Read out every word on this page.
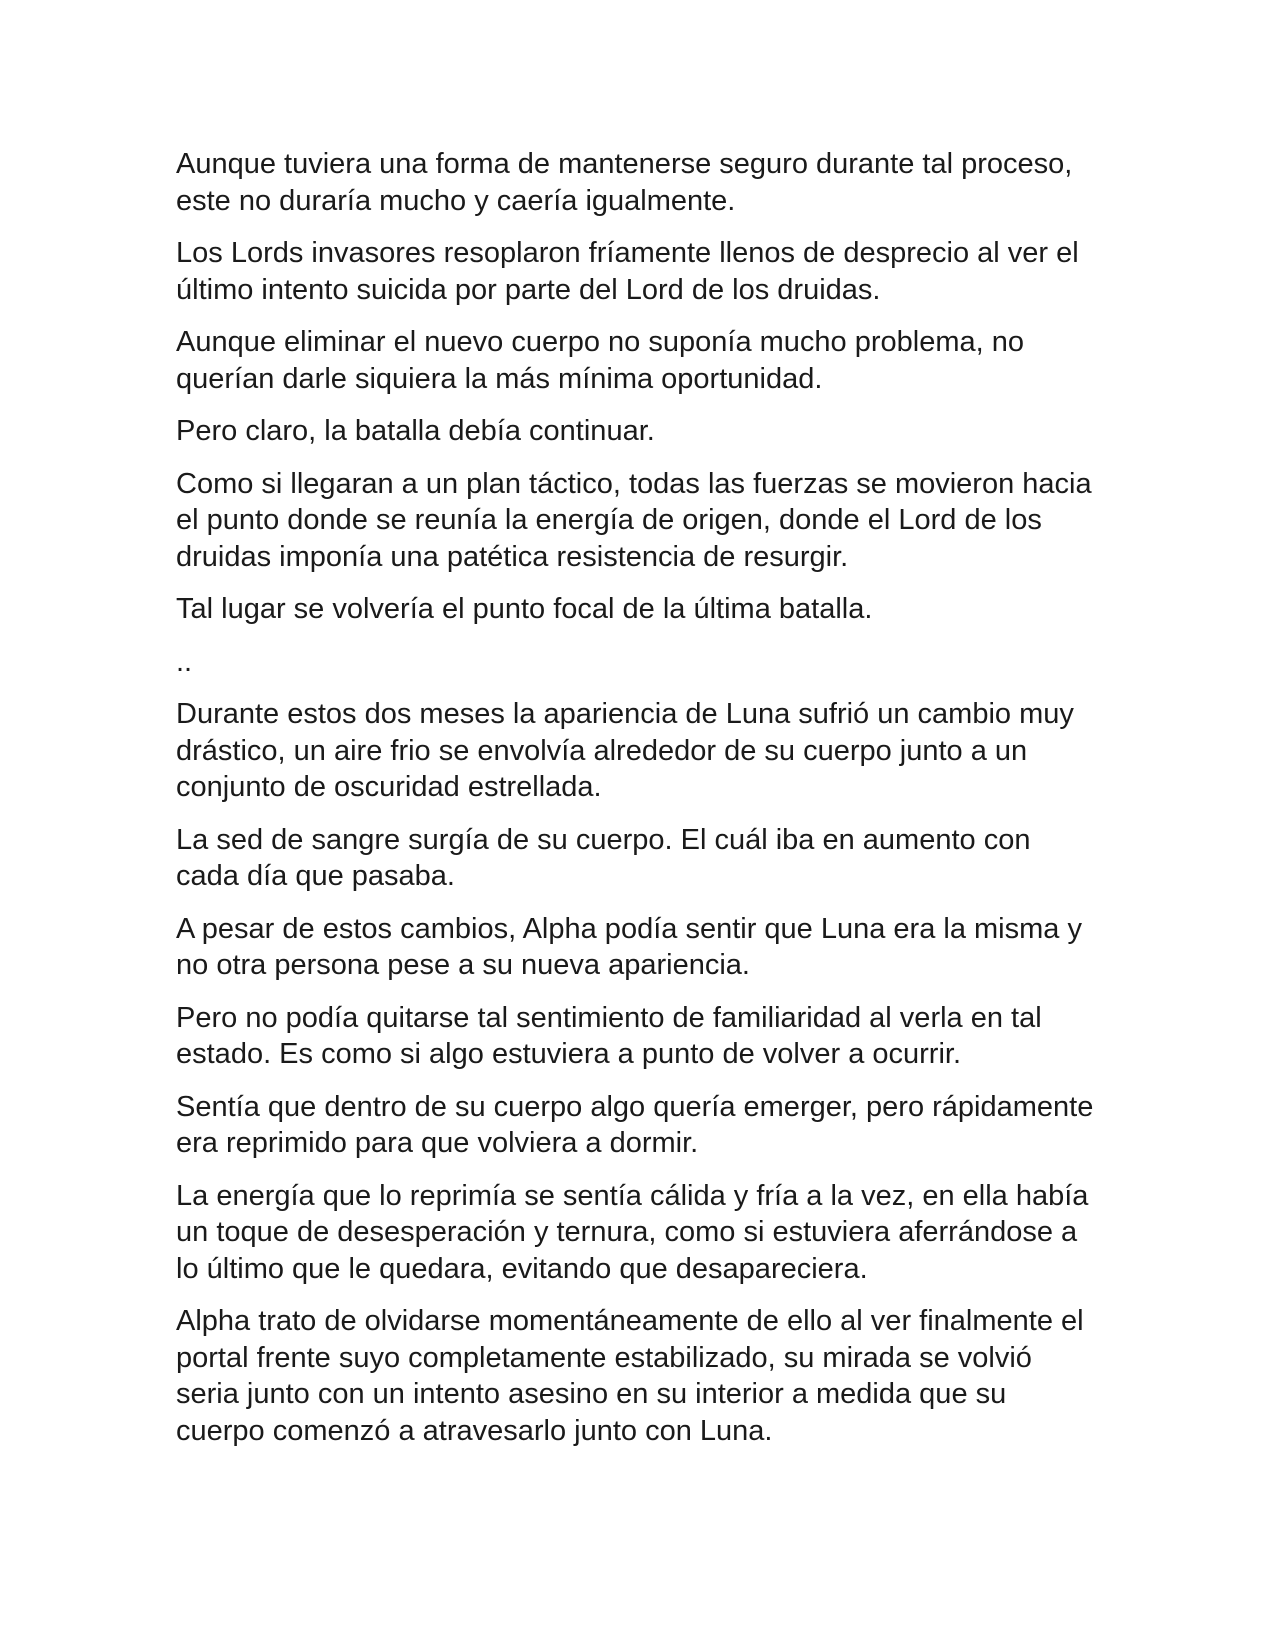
Aunque tuviera una forma de mantenerse seguro durante tal proceso, este no duraría mucho y caería igualmente.

Los Lords invasores resoplaron fríamente llenos de desprecio al ver el último intento suicida por parte del Lord de los druidas.

Aunque eliminar el nuevo cuerpo no suponía mucho problema, no querían darle siquiera la más mínima oportunidad.

Pero claro, la batalla debía continuar.

Como si llegaran a un plan táctico, todas las fuerzas se movieron hacia el punto donde se reunía la energía de origen, donde el Lord de los druidas imponía una patética resistencia de resurgir.

Tal lugar se volvería el punto focal de la última batalla.

..

Durante estos dos meses la apariencia de Luna sufrió un cambio muy drástico, un aire frio se envolvía alrededor de su cuerpo junto a un conjunto de oscuridad estrellada.

La sed de sangre surgía de su cuerpo. El cuál iba en aumento con cada día que pasaba.

A pesar de estos cambios, Alpha podía sentir que Luna era la misma y no otra persona pese a su nueva apariencia.

Pero no podía quitarse tal sentimiento de familiaridad al verla en tal estado. Es como si algo estuviera a punto de volver a ocurrir.

Sentía que dentro de su cuerpo algo quería emerger, pero rápidamente era reprimido para que volviera a dormir.

La energía que lo reprimía se sentía cálida y fría a la vez, en ella había un toque de desesperación y ternura, como si estuviera aferrándose a lo último que le quedara, evitando que desapareciera.

Alpha trato de olvidarse momentáneamente de ello al ver finalmente el portal frente suyo completamente estabilizado, su mirada se volvió seria junto con un intento asesino en su interior a medida que su cuerpo comenzó a atravesarlo junto con Luna.
